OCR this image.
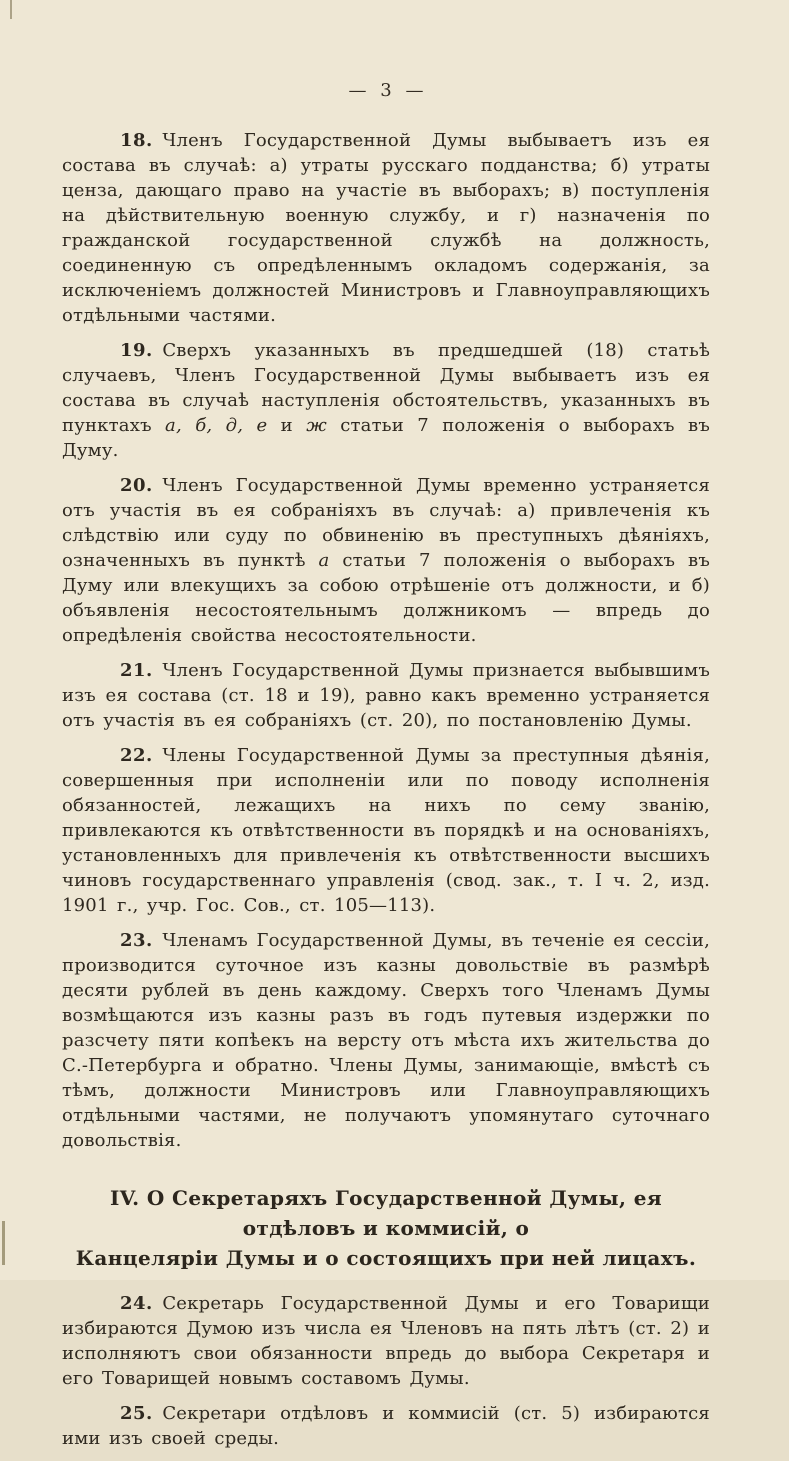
— 3 —

18. Членъ Государственной Думы выбываетъ изъ ея состава въ случаѣ: а) утраты русскаго подданства; б) утраты ценза, дающаго право на участіе въ выборахъ; в) поступленія на дѣйствительную военную службу, и г) назначенія по гражданской государственной службѣ на должность, соединенную съ опредѣленнымъ окладомъ содержанія, за исключеніемъ должностей Министровъ и Главноуправляющихъ отдѣльными частями.

19. Сверхъ указанныхъ въ предшедшей (18) статьѣ случаевъ, Членъ Государственной Думы выбываетъ изъ ея состава въ случаѣ наступленія обстоятельствъ, указанныхъ въ пунктахъ а, б, д, е и ж статьи 7 положенія о выборахъ въ Думу.

20. Членъ Государственной Думы временно устраняется отъ участія въ ея собраніяхъ въ случаѣ: а) привлеченія къ слѣдствію или суду по обвиненію въ преступныхъ дѣяніяхъ, означенныхъ въ пунктѣ а статьи 7 положенія о выборахъ въ Думу или влекущихъ за собою отрѣшеніе отъ должности, и б) объявленія несостоятельнымъ должникомъ — впредь до опредѣленія свойства несостоятельности.

21. Членъ Государственной Думы признается выбывшимъ изъ ея состава (ст. 18 и 19), равно какъ временно устраняется отъ участія въ ея собраніяхъ (ст. 20), по постановленію Думы.

22. Члены Государственной Думы за преступныя дѣянія, совершенныя при исполненіи или по поводу исполненія обязанностей, лежащихъ на нихъ по сему званію, привлекаются къ отвѣтственности въ порядкѣ и на основаніяхъ, установленныхъ для привлеченія къ отвѣтственности высшихъ чиновъ государственнаго управленія (свод. зак., т. I ч. 2, изд. 1901 г., учр. Гос. Сов., ст. 105—113).

23. Членамъ Государственной Думы, въ теченіе ея сессіи, производится суточное изъ казны довольствіе въ размѣрѣ десяти рублей въ день каждому. Сверхъ того Членамъ Думы возмѣщаются изъ казны разъ въ годъ путевыя издержки по разсчету пяти копѣекъ на версту отъ мѣста ихъ жительства до С.-Петербурга и обратно. Члены Думы, занимающіе, вмѣстѣ съ тѣмъ, должности Министровъ или Главноуправляющихъ отдѣльными частями, не получаютъ упомянутаго суточнаго довольствія.

IV. О Секретаряхъ Государственной Думы, ея отдѣловъ и коммисій, о
Канцеляріи Думы и о состоящихъ при ней лицахъ.

24. Секретарь Государственной Думы и его Товарищи избираются Думою изъ числа ея Членовъ на пять лѣтъ (ст. 2) и исполняютъ свои обязанности впредь до выбора Секретаря и его Товарищей новымъ составомъ Думы.

25. Секретари отдѣловъ и коммисій (ст. 5) избираются ими изъ своей среды.
